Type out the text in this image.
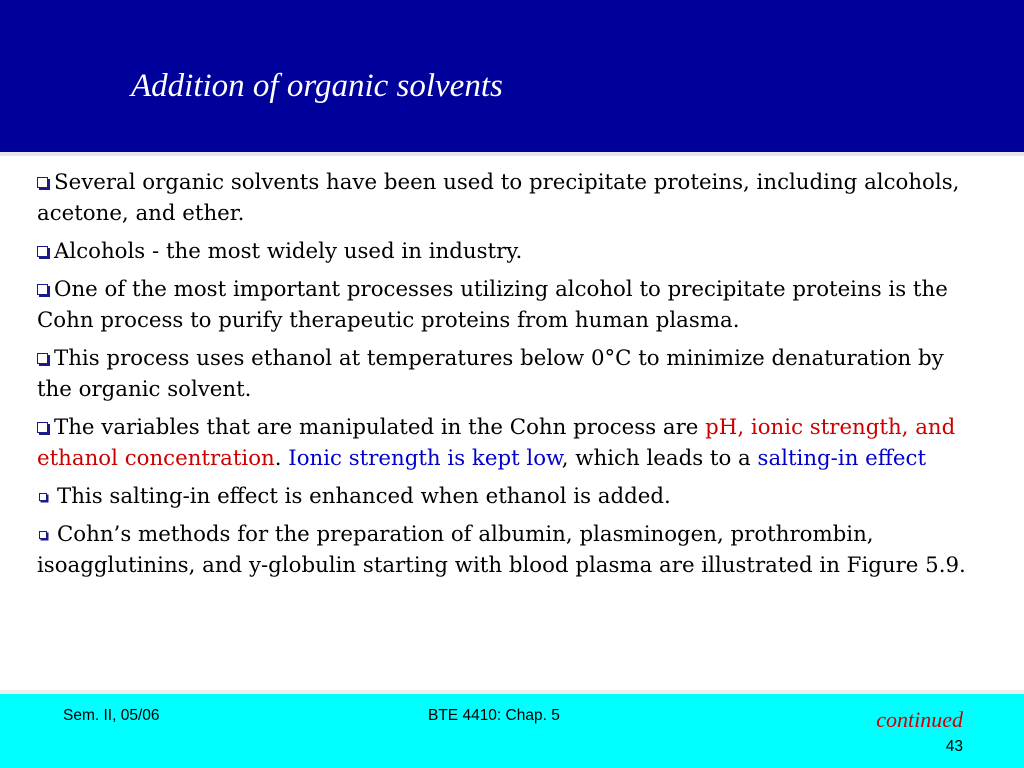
Addition of organic solvents

Several organic solvents have been used to precipitate proteins, including alcohols, acetone, and ether.

Alcohols - the most widely used in industry.

One of the most important processes utilizing alcohol to precipitate proteins is the Cohn process to purify therapeutic proteins from human plasma.

This process uses ethanol at temperatures below 0°C to minimize denaturation by the organic solvent.

The variables that are manipulated in the Cohn process are pH, ionic strength, and ethanol concentration. Ionic strength is kept low, which leads to a salting-in effect

This salting-in effect is enhanced when ethanol is added.

Cohn’s methods for the preparation of albumin, plasminogen, prothrombin, isoagglutinins, and y-globulin starting with blood plasma are illustrated in Figure 5.9.

Sem. II, 05/06	BTE 4410: Chap. 5	continued
43
